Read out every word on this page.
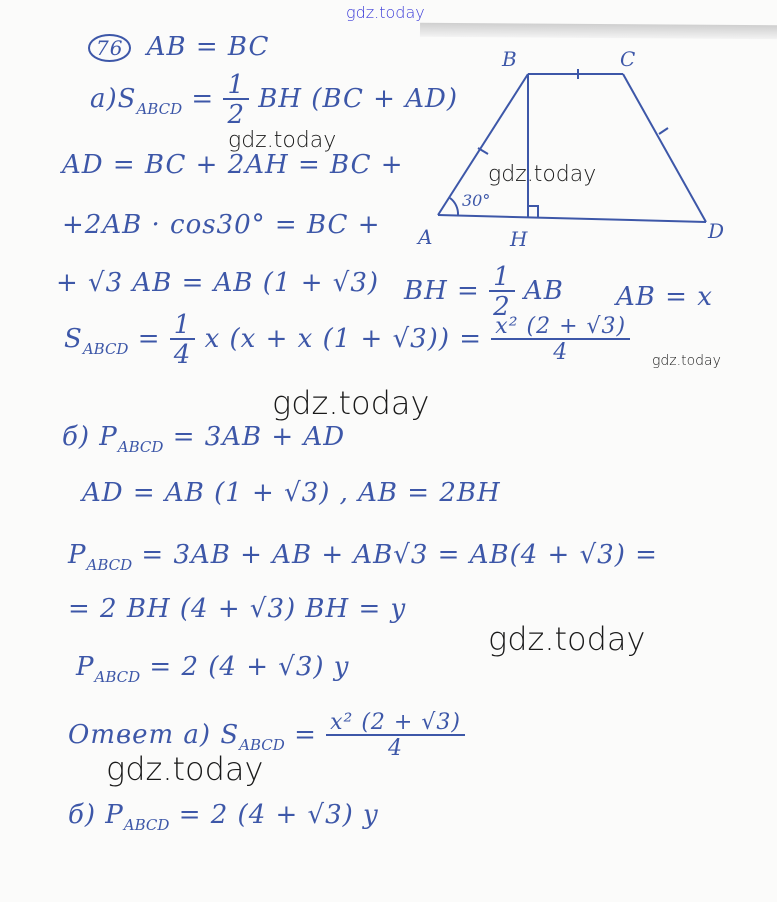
gdz.today
76 AB = BC
$а)S_{ABCD} = \frac{1}{2}$ BH (BC + AD)
AD = BC + 2AH = BC +
+2AB · cos30° = BC +
+ √3 AB = AB (1 + √3) BH = $\frac{1}{2}$ AB AB = x
$S_{ABCD} = \frac{1}{4}$ x (x + x $(1 + √3)) = \frac{\text{x² (2 + √3)}}{4}$
б) $P_{ABCD} = 3AB$ + AD
AD = AB (1 + √3) , AB = 2BH
$P_{ABCD} = 3AB$ + AB + AB√3 = AB(4 + √3) =
= 2 BH (4 + √3) BH = y
$P_{ABCD} = 2$ (4 + √3) y
Ответ а) $S_{ABCD} = \frac{\text{x² (2 + √3)}}{4}$
б) $P_{ABCD} = 2$ (4 + √3) y
B	C
A	H	D
30°
gdz.today
gdz.today
gdz.today
gdz.today
gdz.today
gdz.today
